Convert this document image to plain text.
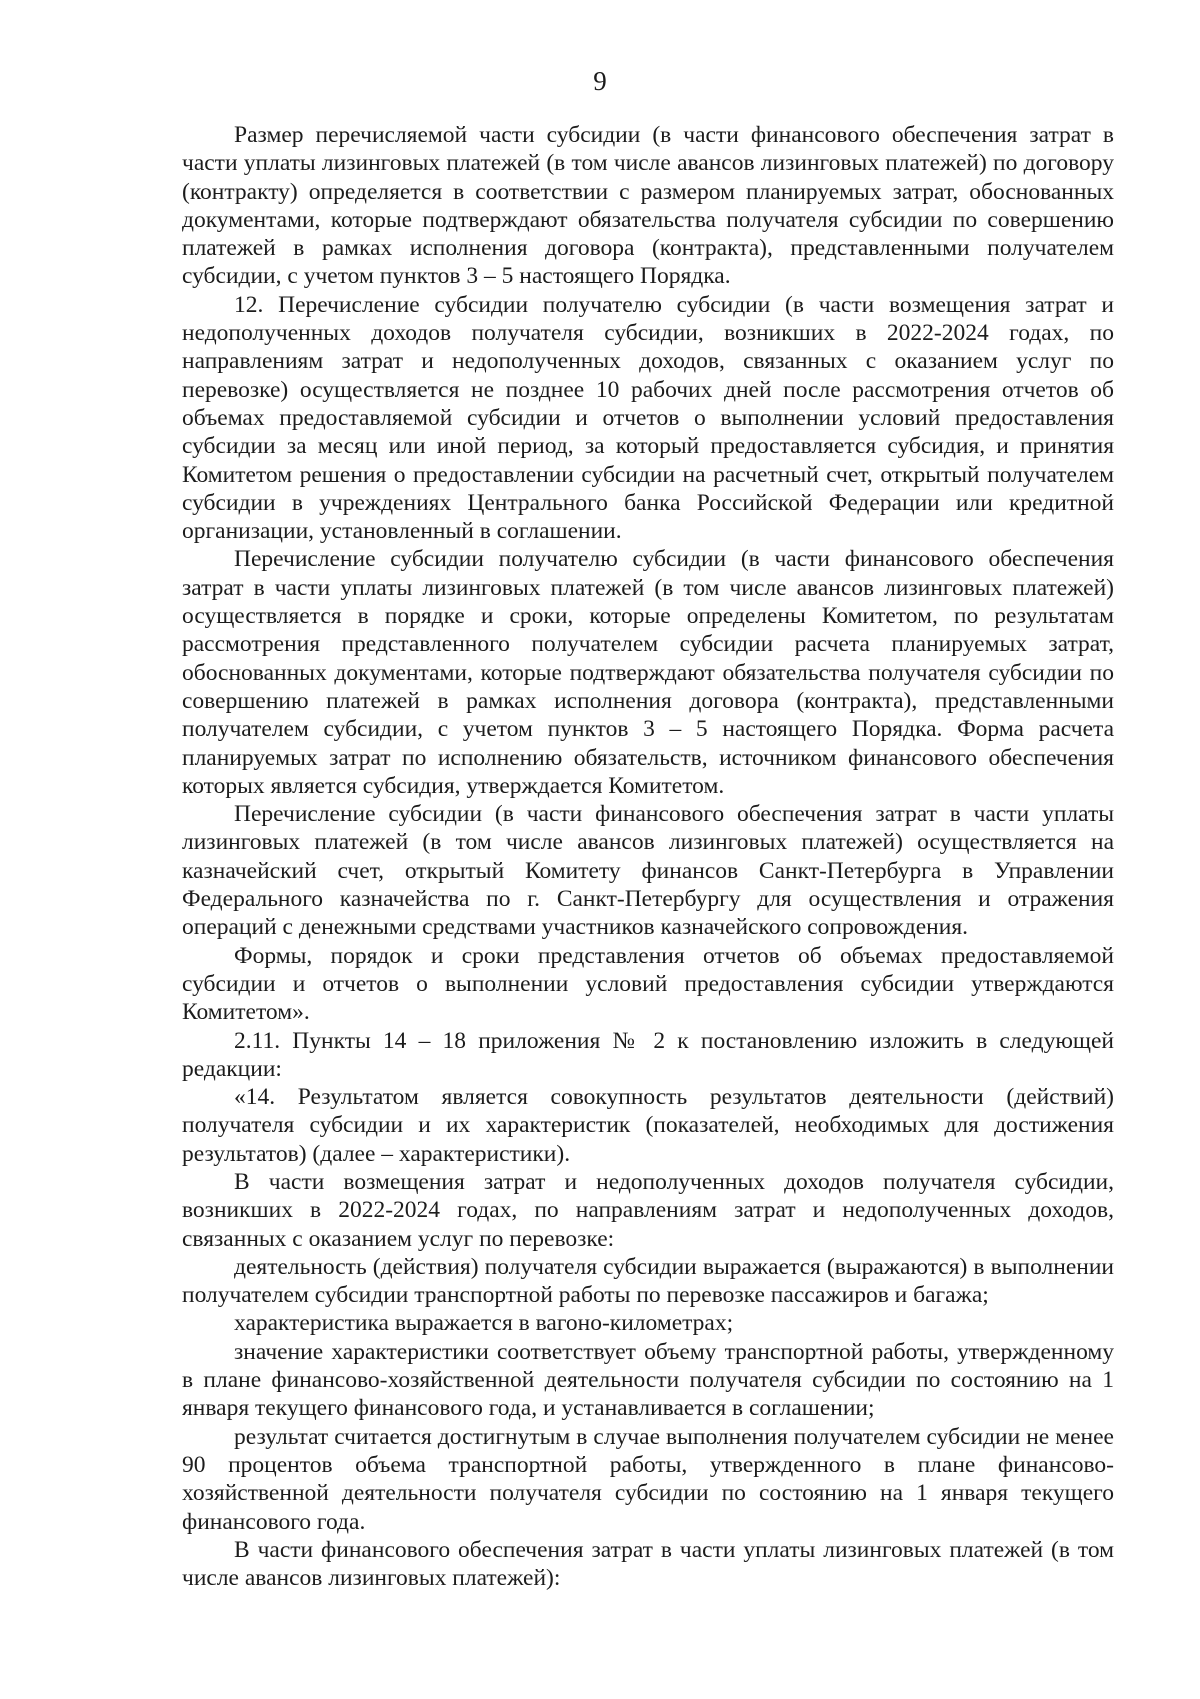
9

Размер перечисляемой части субсидии (в части финансового обеспечения затрат в части уплаты лизинговых платежей (в том числе авансов лизинговых платежей) по договору (контракту) определяется в соответствии с размером планируемых затрат, обоснованных документами, которые подтверждают обязательства получателя субсидии по совершению платежей в рамках исполнения договора (контракта), представленными получателем субсидии, с учетом пунктов 3 – 5 настоящего Порядка.

12. Перечисление субсидии получателю субсидии (в части возмещения затрат и недополученных доходов получателя субсидии, возникших в 2022-2024 годах, по направлениям затрат и недополученных доходов, связанных с оказанием услуг по перевозке) осуществляется не позднее 10 рабочих дней после рассмотрения отчетов об объемах предоставляемой субсидии и отчетов о выполнении условий предоставления субсидии за месяц или иной период, за который предоставляется субсидия, и принятия Комитетом решения о предоставлении субсидии на расчетный счет, открытый получателем субсидии в учреждениях Центрального банка Российской Федерации или кредитной организации, установленный в соглашении.

Перечисление субсидии получателю субсидии (в части финансового обеспечения затрат в части уплаты лизинговых платежей (в том числе авансов лизинговых платежей) осуществляется в порядке и сроки, которые определены Комитетом, по результатам рассмотрения представленного получателем субсидии расчета планируемых затрат, обоснованных документами, которые подтверждают обязательства получателя субсидии по совершению платежей в рамках исполнения договора (контракта), представленными получателем субсидии, с учетом пунктов 3 – 5 настоящего Порядка. Форма расчета планируемых затрат по исполнению обязательств, источником финансового обеспечения которых является субсидия, утверждается Комитетом.

Перечисление субсидии (в части финансового обеспечения затрат в части уплаты лизинговых платежей (в том числе авансов лизинговых платежей) осуществляется на казначейский счет, открытый Комитету финансов Санкт-Петербурга в Управлении Федерального казначейства по г. Санкт-Петербургу для осуществления и отражения операций с денежными средствами участников казначейского сопровождения.

Формы, порядок и сроки представления отчетов об объемах предоставляемой субсидии и отчетов о выполнении условий предоставления субсидии утверждаются Комитетом».

2.11. Пункты 14 – 18 приложения № 2 к постановлению изложить в следующей редакции:

«14. Результатом является совокупность результатов деятельности (действий) получателя субсидии и их характеристик (показателей, необходимых для достижения результатов) (далее – характеристики).

В части возмещения затрат и недополученных доходов получателя субсидии, возникших в 2022-2024 годах, по направлениям затрат и недополученных доходов, связанных с оказанием услуг по перевозке:

деятельность (действия) получателя субсидии выражается (выражаются) в выполнении получателем субсидии транспортной работы по перевозке пассажиров и багажа;

характеристика выражается в вагоно-километрах;

значение характеристики соответствует объему транспортной работы, утвержденному в плане финансово-хозяйственной деятельности получателя субсидии по состоянию на 1 января текущего финансового года, и устанавливается в соглашении;

результат считается достигнутым в случае выполнения получателем субсидии не менее 90 процентов объема транспортной работы, утвержденного в плане финансово-хозяйственной деятельности получателя субсидии по состоянию на 1 января текущего финансового года.

В части финансового обеспечения затрат в части уплаты лизинговых платежей (в том числе авансов лизинговых платежей):
